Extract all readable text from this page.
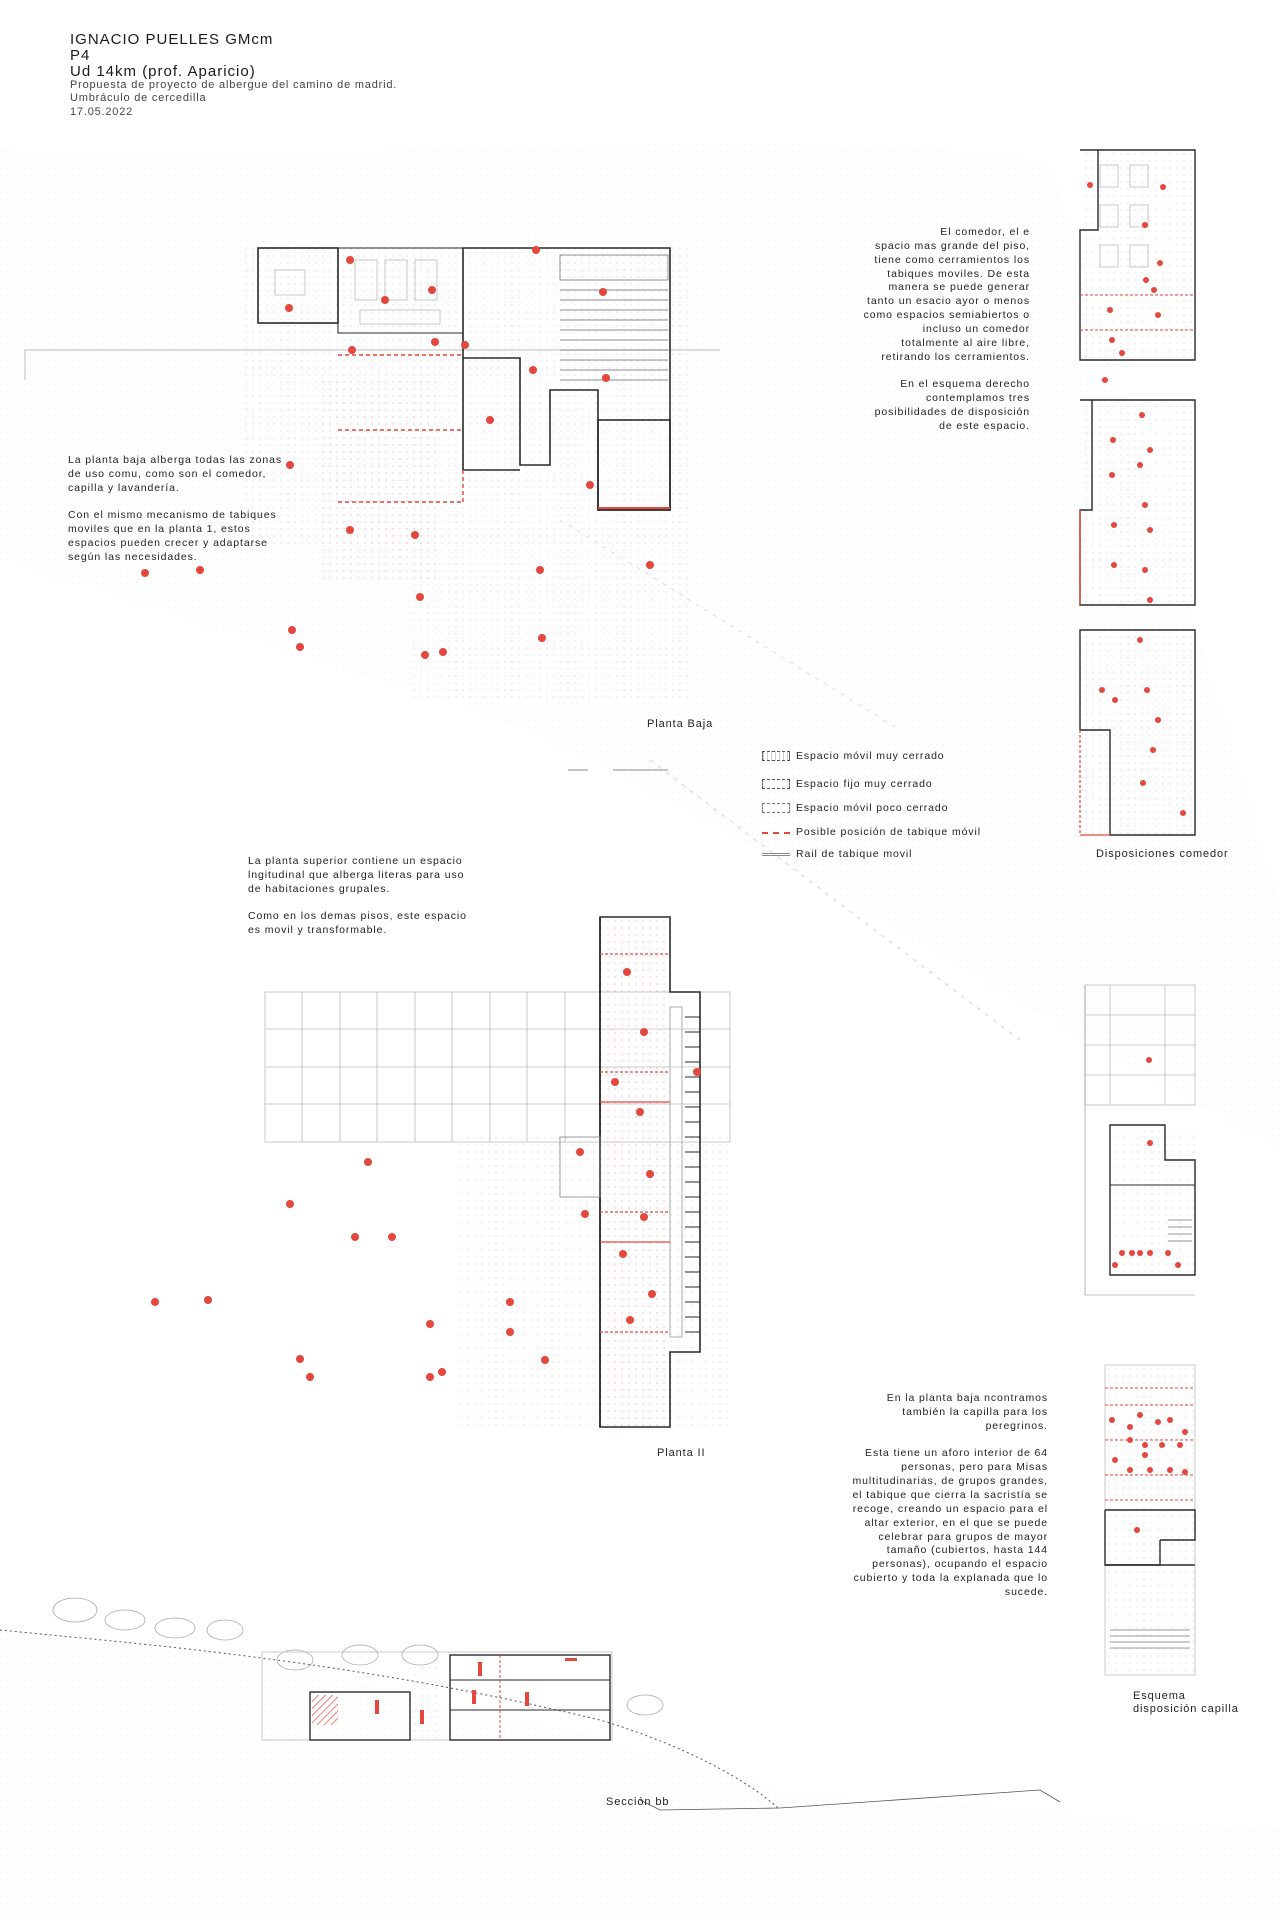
IGNACIO PUELLES GMcm
P4
Ud 14km (prof. Aparicio)
Propuesta de proyecto de albergue del camino de madrid.
Umbráculo de cercedilla
17.05.2022
Espacio móvil muy cerrado
Espacio fijo muy cerrado
Espacio móvil poco cerrado
Posible posición de tabique móvil
Rail de tabique movil
El comedor, el e
spacio mas grande del piso,
tiene como cerramientos los
tabiques moviles. De esta
manera se puede generar
tanto un esacio ayor o menos
como espacios semiabiertos o
incluso un comedor
totalmente al aire libre,
retirando los cerramientos.

En el esquema derecho
contemplamos tres
posibilidades de disposición
de este espacio.
La planta baja alberga todas las zonas
de uso comu, como son el comedor,
capilla y lavandería.

Con el mismo mecanismo de tabiques
moviles que en la planta 1, estos
espacios pueden crecer y adaptarse
según las necesidades.
La planta superior contiene un espacio
lngitudinal que alberga literas para uso
de habitaciones grupales.

Como en los demas pisos, este espacio
es movil y transformable.
En la planta baja ncontramos
también la capilla para los
peregrinos.

Esta tiene un aforo interior de 64
personas, pero para Misas
multitudinarias, de grupos grandes,
el tabique que cierra la sacristía se
recoge, creando un espacio para el
altar exterior, en el que se puede
celebrar para grupos de mayor
tamaño (cubiertos, hasta 144
personas), ocupando el espacio
cubierto y toda la explanada que lo
sucede.
Planta Baja
Planta II
Disposiciones comedor
Esquema
disposición capilla
Sección bb
